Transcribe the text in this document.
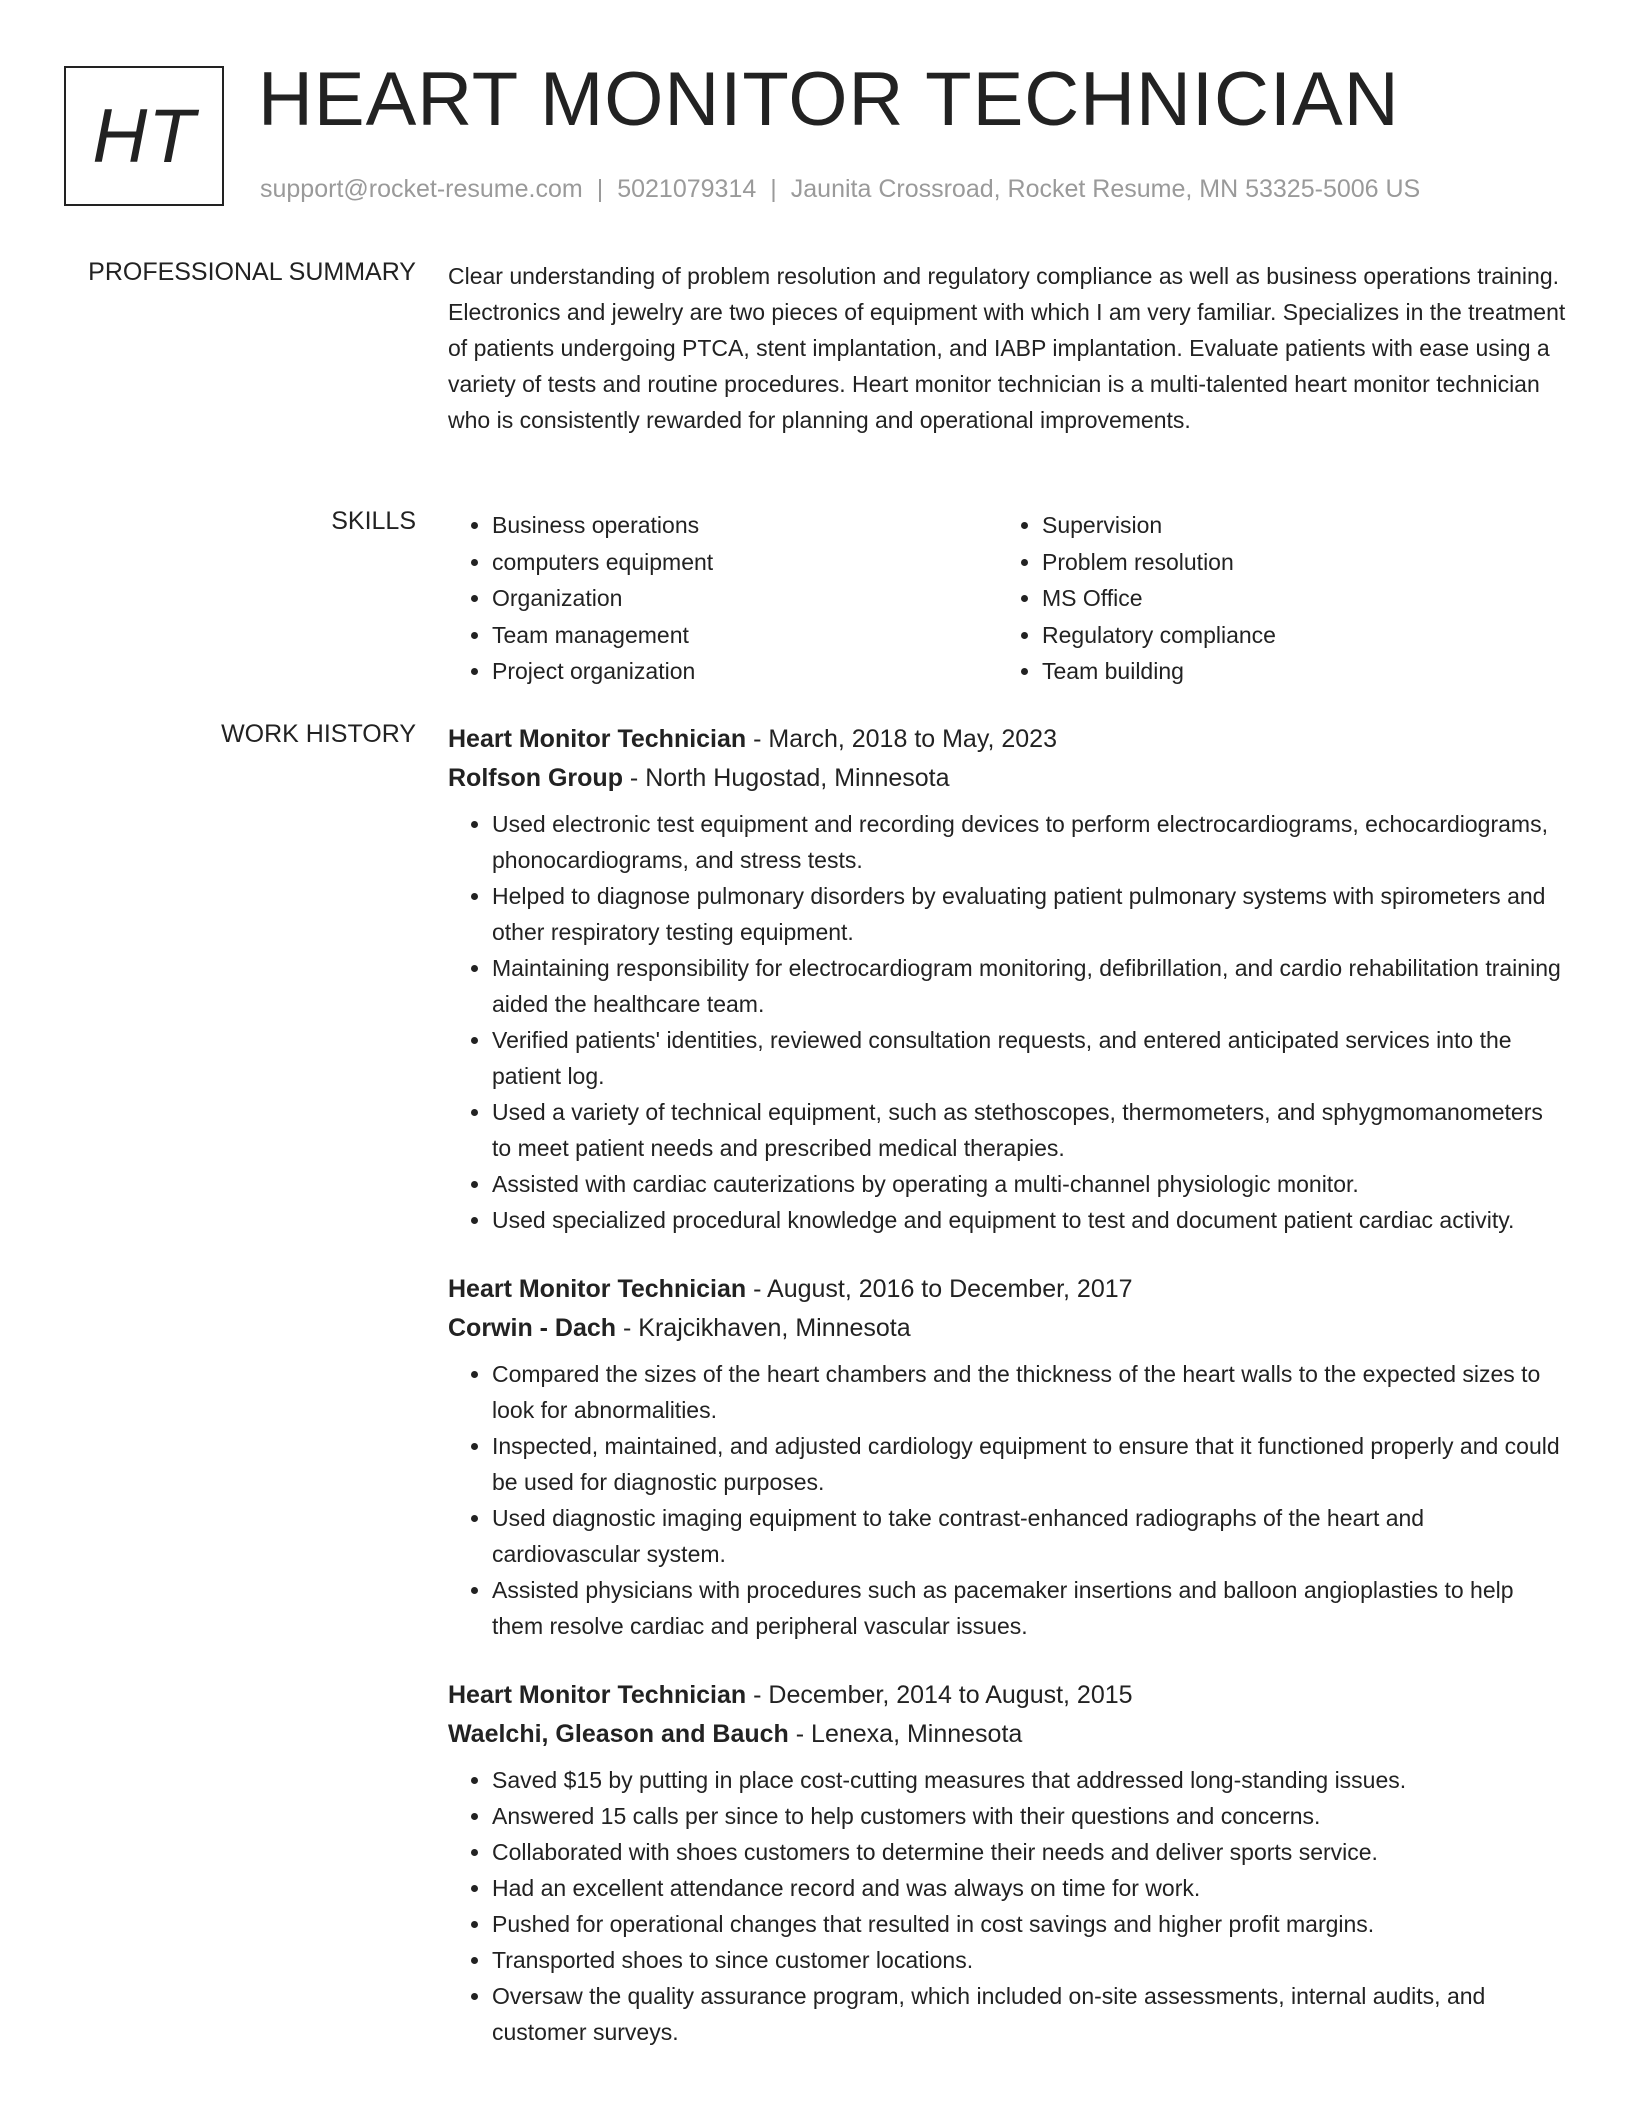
HT HEART MONITOR TECHNICIAN
support@rocket-resume.com | 5021079314 | Jaunita Crossroad, Rocket Resume, MN 53325-5006 US
PROFESSIONAL SUMMARY Clear understanding of problem resolution and regulatory compliance as well as business operations training. Electronics and jewelry are two pieces of equipment with which I am very familiar. Specializes in the treatment of patients undergoing PTCA, stent implantation, and IABP implantation. Evaluate patients with ease using a variety of tests and routine procedures. Heart monitor technician is a multi-talented heart monitor technician who is consistently rewarded for planning and operational improvements.

SKILLS
•	Business operations
• computers equipment
• Organization
• Team management
• Project organization
• Supervision
• Problem resolution
• MS Office
• Regulatory compliance
• Team building
WORK HISTORY Heart Monitor Technician - March, 2018 to May, 2023

Rolfson Group - North Hugostad, Minnesota

• Used electronic test equipment and recording devices to perform electrocardiograms, echocardiograms, phonocardiograms, and stress tests.
• Helped to diagnose pulmonary disorders by evaluating patient pulmonary systems with spirometers and other respiratory testing equipment.
• Maintaining responsibility for electrocardiogram monitoring, defibrillation, and cardio rehabilitation training aided the healthcare team.
• Verified patients' identities, reviewed consultation requests, and entered anticipated services into the patient log.
• Used a variety of technical equipment, such as stethoscopes, thermometers, and sphygmomanometers to meet patient needs and prescribed medical therapies.
• Assisted with cardiac cauterizations by operating a multi-channel physiologic monitor.
• Used specialized procedural knowledge and equipment to test and document patient cardiac activity.

Heart Monitor Technician - August, 2016 to December, 2017

Corwin - Dach - Krajcikhaven, Minnesota

• Compared the sizes of the heart chambers and the thickness of the heart walls to the expected sizes to look for abnormalities.
• Inspected, maintained, and adjusted cardiology equipment to ensure that it functioned properly and could be used for diagnostic purposes.
• Used diagnostic imaging equipment to take contrast-enhanced radiographs of the heart and cardiovascular system.
• Assisted physicians with procedures such as pacemaker insertions and balloon angioplasties to help them resolve cardiac and peripheral vascular issues.

Heart Monitor Technician - December, 2014 to August, 2015

Waelchi, Gleason and Bauch - Lenexa, Minnesota

• Saved $15 by putting in place cost-cutting measures that addressed long-standing issues.
• Answered 15 calls per since to help customers with their questions and concerns.
• Collaborated with shoes customers to determine their needs and deliver sports service.
• Had an excellent attendance record and was always on time for work.
• Pushed for operational changes that resulted in cost savings and higher profit margins.
• Transported shoes to since customer locations.
• Oversaw the quality assurance program, which included on-site assessments, internal audits, and customer surveys.
